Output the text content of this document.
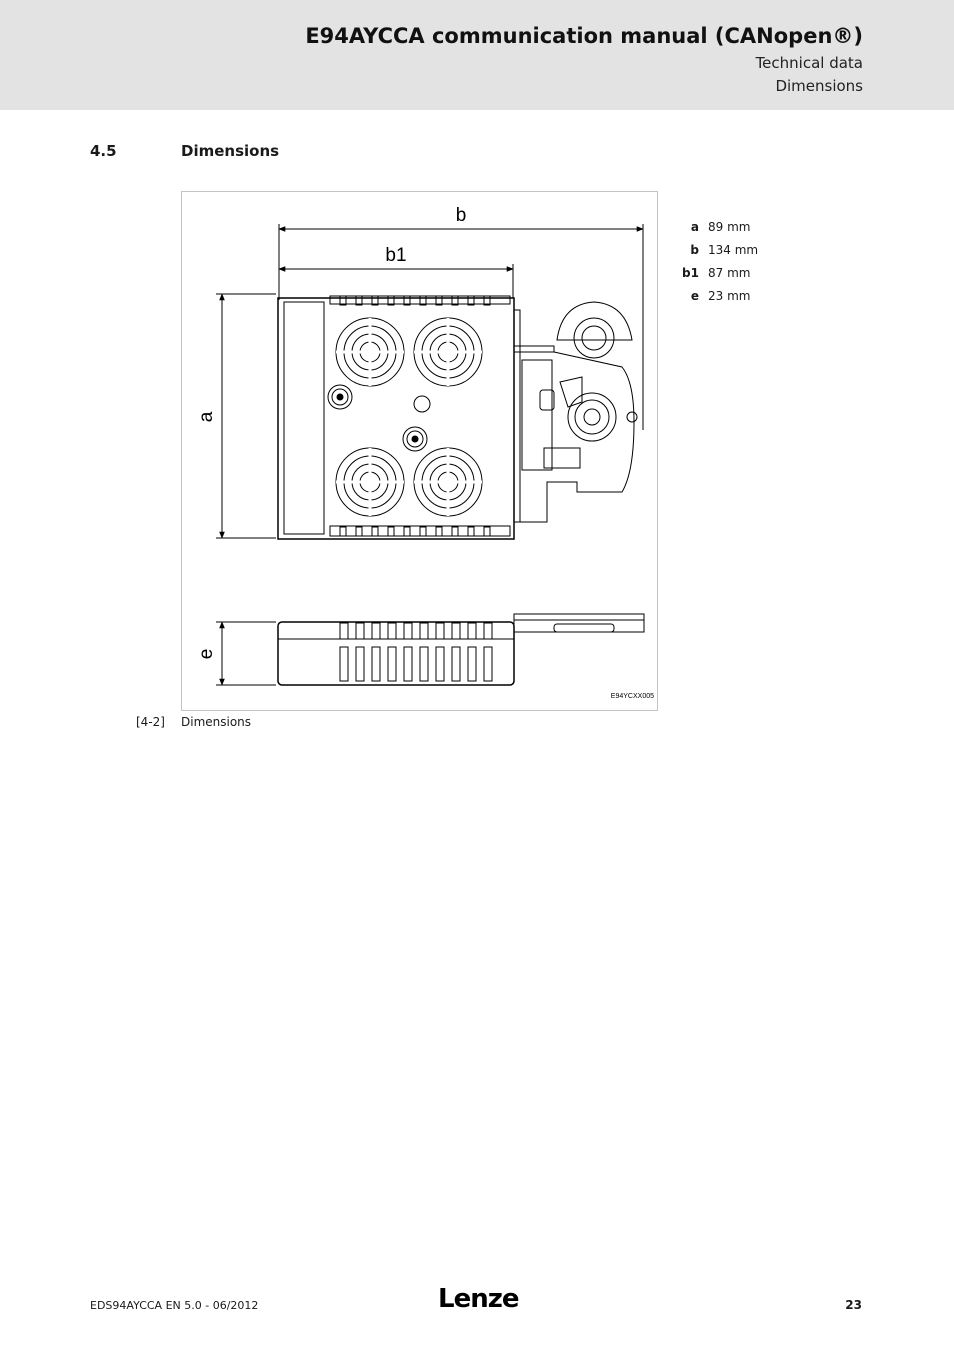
E94AYCCA communication manual (CANopen®)
Technical data
Dimensions
4.5	Dimensions
b
b1
a
e
E94YCXX005
a 89 mm
b 134 mm
b1 87 mm
e 23 mm
[4-2] Dimensions
EDS94AYCCA EN 5.0 - 06/2012	Lenze	23
